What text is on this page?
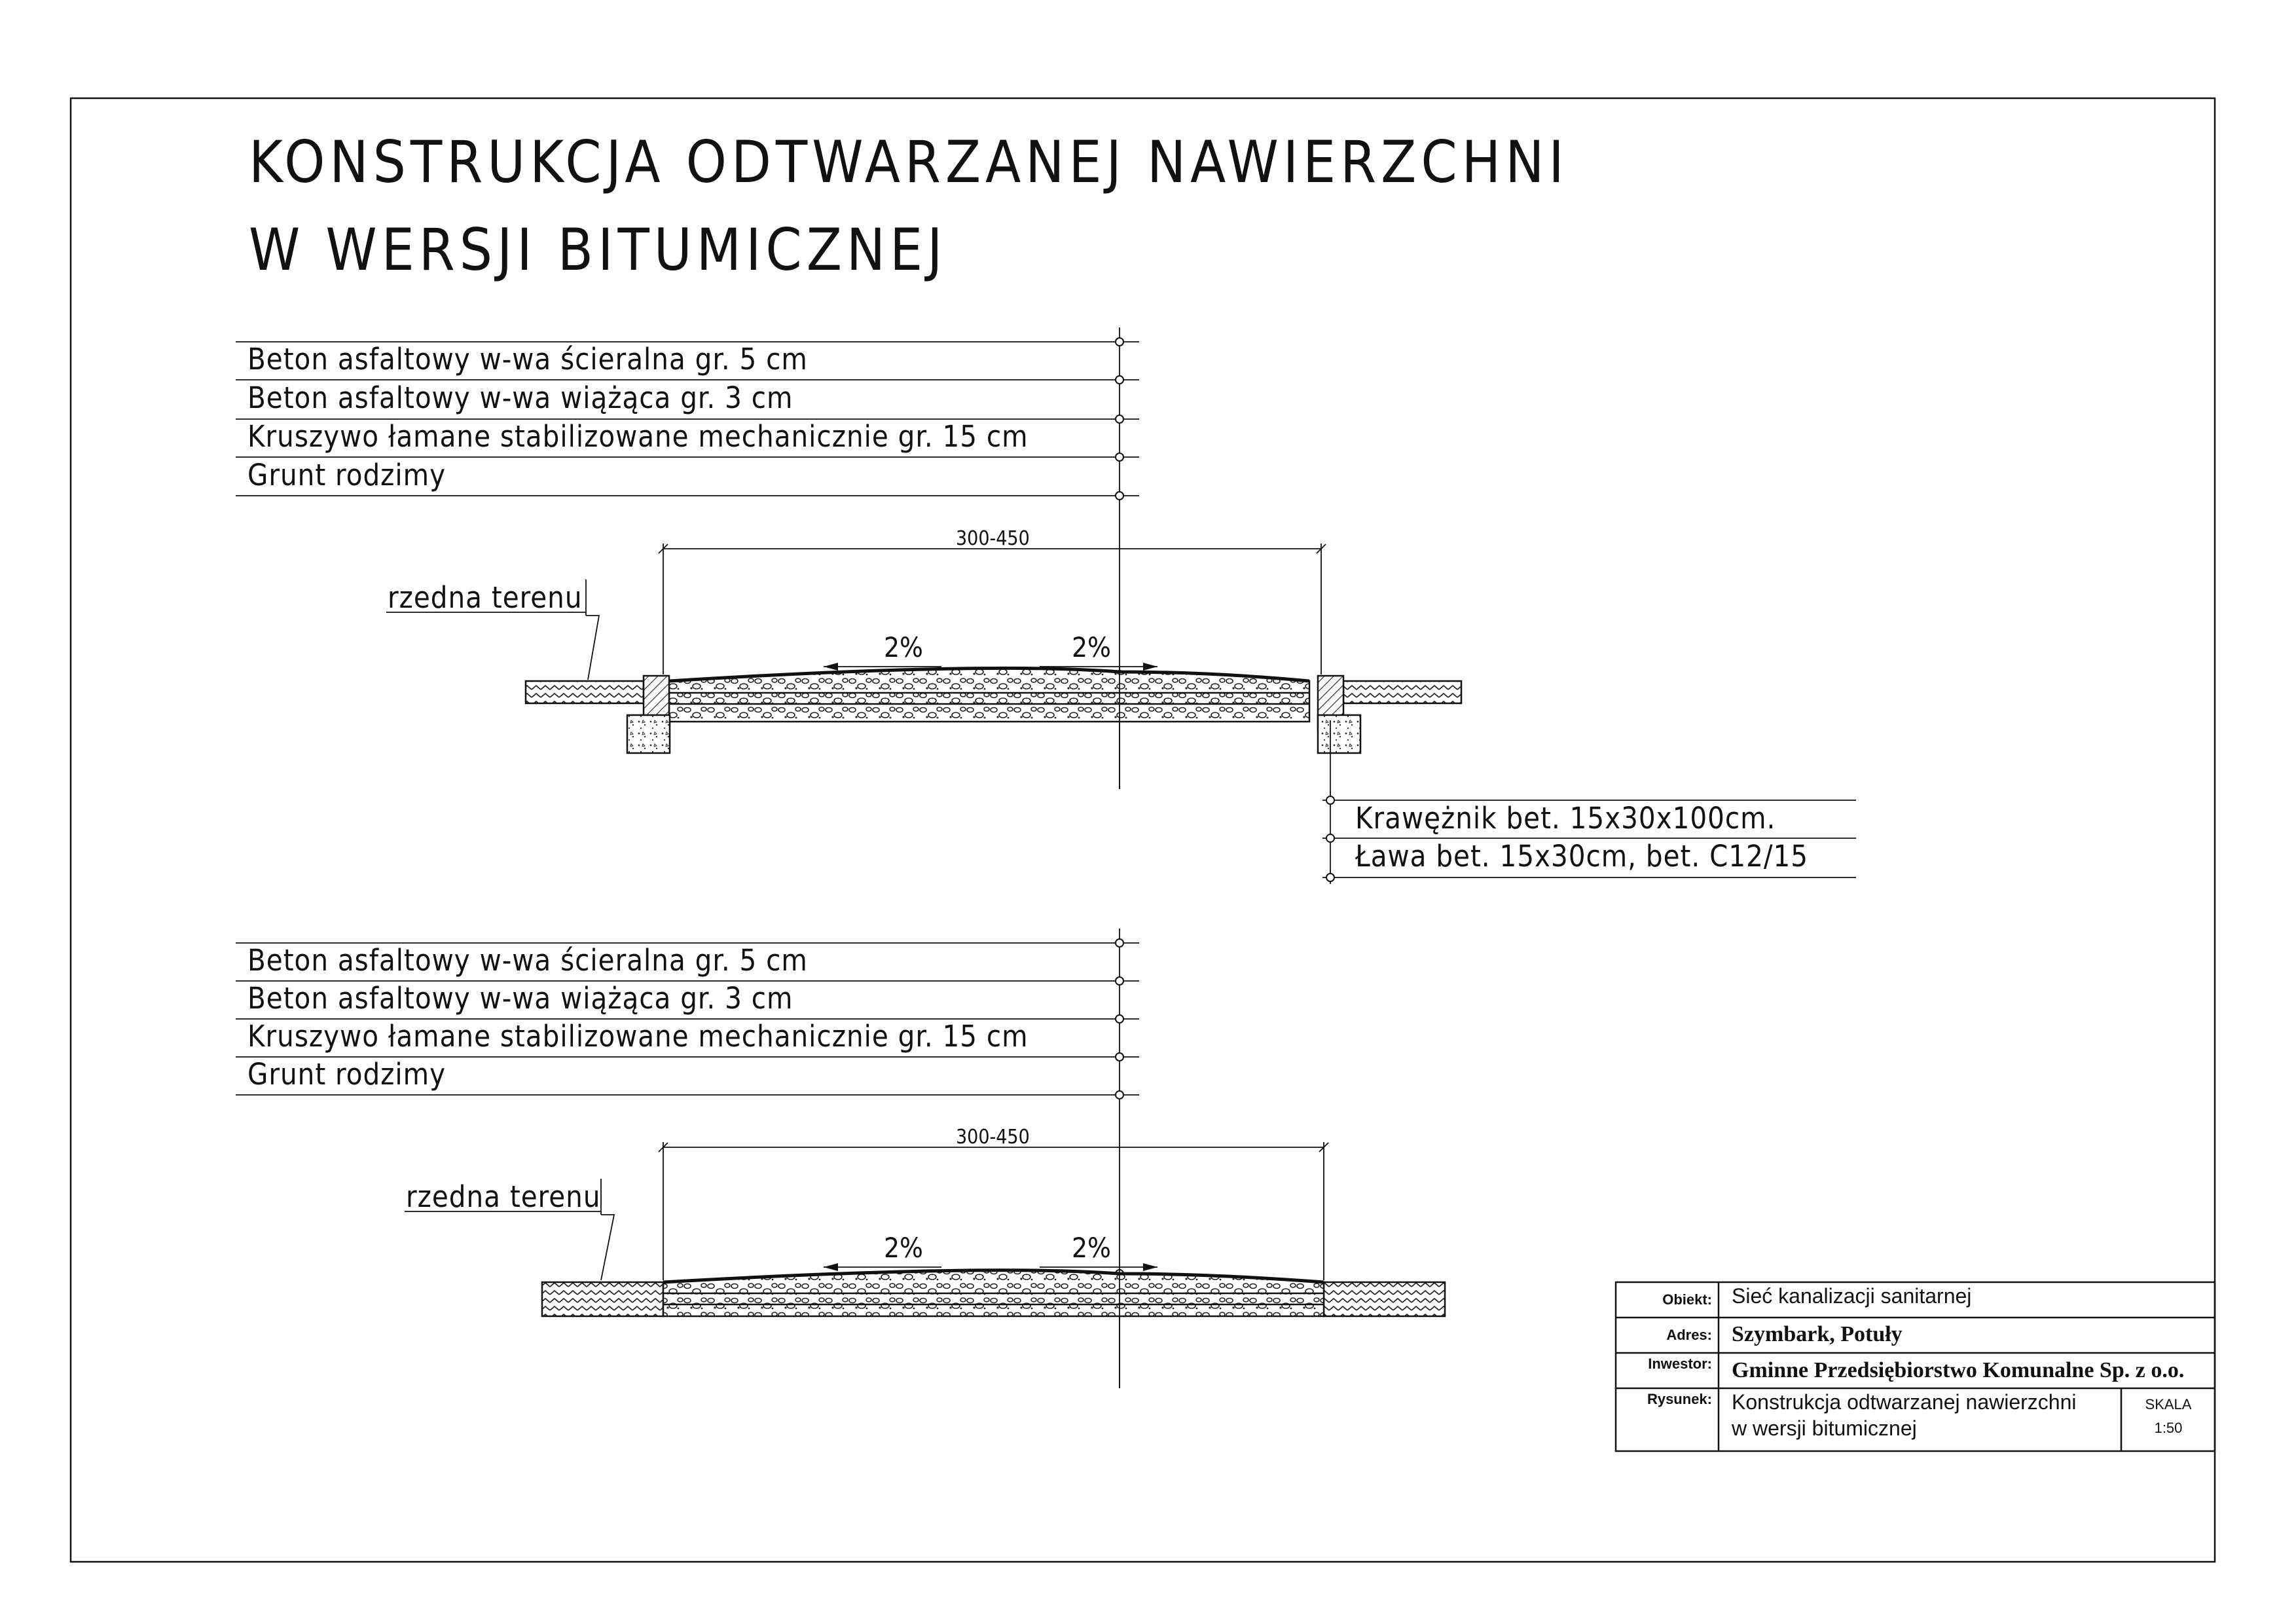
KONSTRUKCJA ODTWARZANEJ NAWIERZCHNI
W WERSJI BITUMICZNEJ
Beton asfaltowy w-wa ścieralna gr. 5 cm
Beton asfaltowy w-wa wiążąca gr. 3 cm
Kruszywo łamane stabilizowane mechanicznie gr. 15 cm
Grunt rodzimy
300-450
rzedna terenu
2%	2%
Krawężnik bet. 15x30x100cm.
Ława bet. 15x30cm, bet. C12/15
Beton asfaltowy w-wa ścieralna gr. 5 cm
Beton asfaltowy w-wa wiążąca gr. 3 cm
Kruszywo łamane stabilizowane mechanicznie gr. 15 cm
Grunt rodzimy
300-450
rzedna terenu
2%	2%
Obiekt: Sieć kanalizacji sanitarnej
Adres: Szymbark, Potuły
Inwestor: Gminne Przedsiębiorstwo Komunalne Sp. z o.o.
Rysunek: Konstrukcja odtwarzanej nawierzchni
w wersji bitumicznej
SKALA
1:50
